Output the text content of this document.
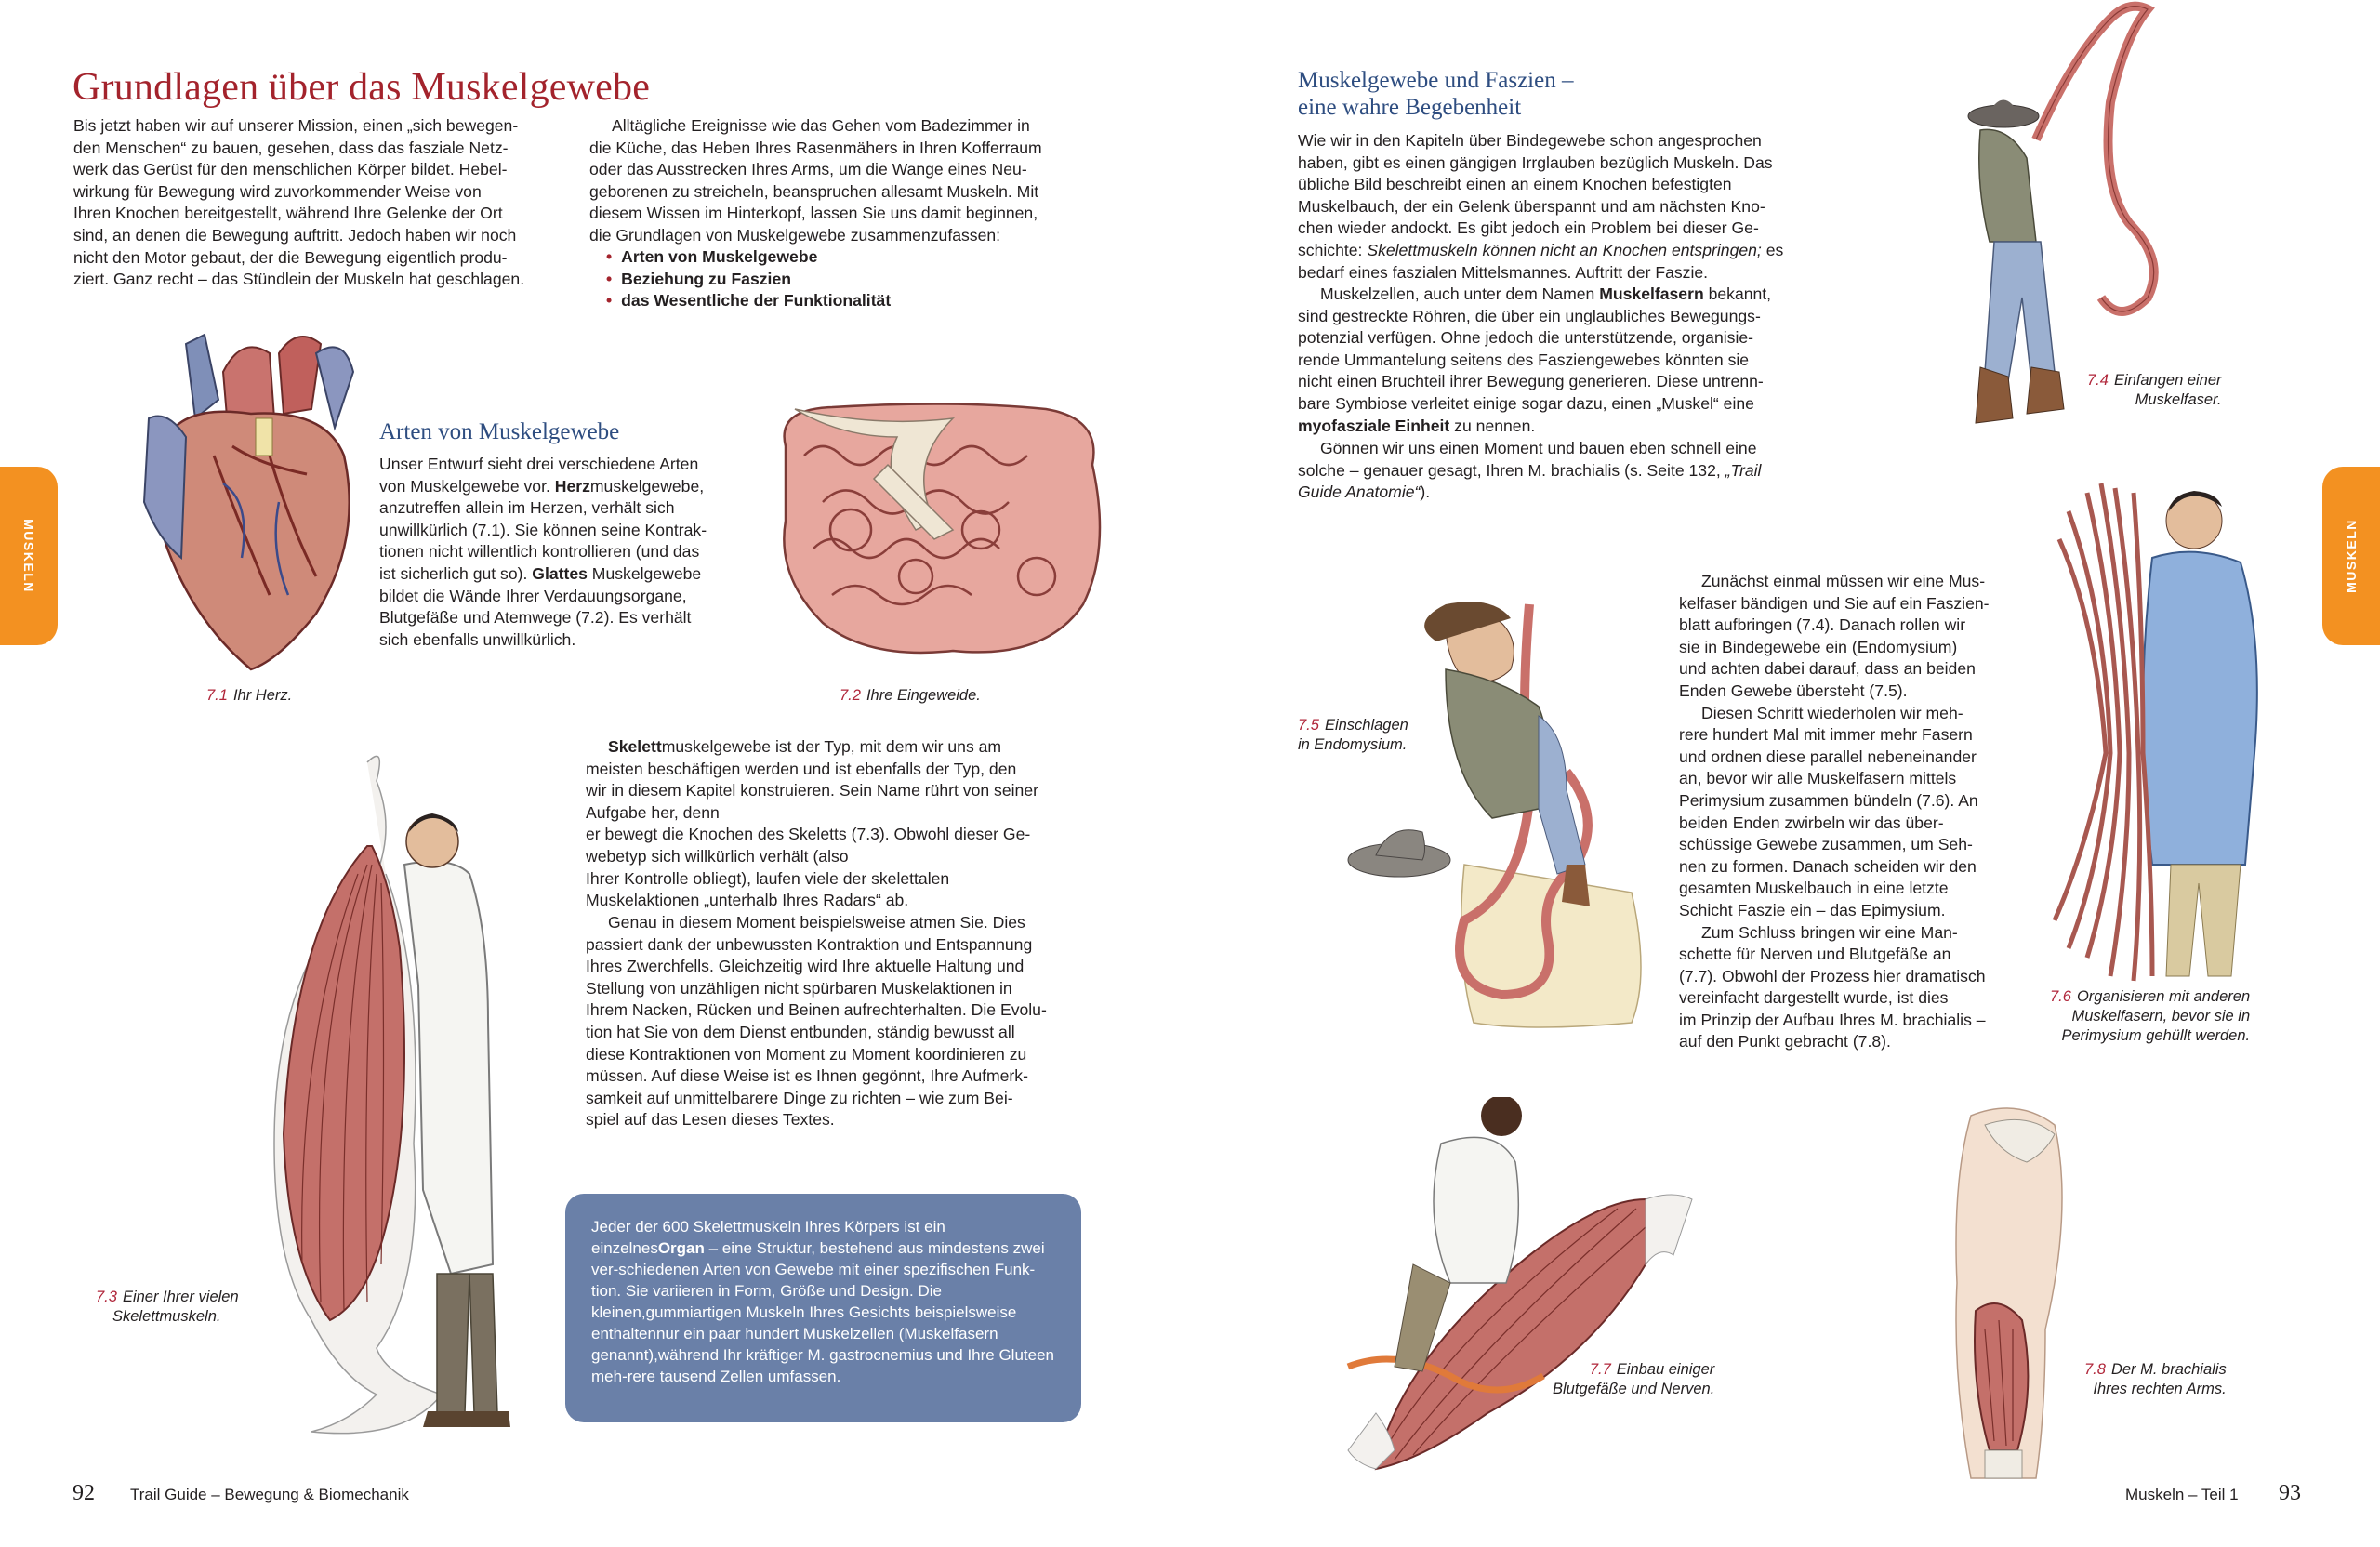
Grundlagen über das Muskelgewebe
Bis jetzt haben wir auf unserer Mission, einen „sich bewegen-
den Menschen“ zu bauen, gesehen, dass das fasziale Netz-
werk das Gerüst für den menschlichen Körper bildet. Hebel-
wirkung für Bewegung wird zuvorkommender Weise von
Ihren Knochen bereitgestellt, während Ihre Gelenke der Ort
sind, an denen die Bewegung auftritt. Jedoch haben wir noch
nicht den Motor gebaut, der die Bewegung eigentlich produ-
ziert. Ganz recht – das Stündlein der Muskeln hat geschlagen.
Alltägliche Ereignisse wie das Gehen vom Badezimmer in
die Küche, das Heben Ihres Rasenmähers in Ihren Kofferraum
oder das Ausstrecken Ihres Arms, um die Wange eines Neu-
geborenen zu streicheln, beanspruchen allesamt Muskeln. Mit
diesem Wissen im Hinterkopf, lassen Sie uns damit beginnen,
die Grundlagen von Muskelgewebe zusammenzufassen:
• Arten von Muskelgewebe
• Beziehung zu Faszien
• das Wesentliche der Funktionalität
Arten von Muskelgewebe
Unser Entwurf sieht drei verschiedene Arten
von Muskelgewebe vor. Herzmuskelgewebe,
anzutreffen allein im Herzen, verhält sich
unwillkürlich (7.1). Sie können seine Kontrak-
tionen nicht willentlich kontrollieren (und das
ist sicherlich gut so). Glattes Muskelgewebe
bildet die Wände Ihrer Verdauungsorgane,
Blutgefäße und Atemwege (7.2). Es verhält
sich ebenfalls unwillkürlich.
7.1 Ihr Herz.	7.2 Ihre Eingeweide.
7.3 Einer Ihrer vielen
Skelettmuskeln.
Skelettmuskelgewebe ist der Typ, mit dem wir uns am
meisten beschäftigen werden und ist ebenfalls der Typ, den
wir in diesem Kapitel konstruieren. Sein Name rührt von seiner
Aufgabe her, denn
er bewegt die Knochen des Skeletts (7.3). Obwohl dieser Ge-
webetyp sich willkürlich verhält (also
Ihrer Kontrolle obliegt), laufen viele der skelettalen
Muskelaktionen „unterhalb Ihres Radars“ ab.
Genau in diesem Moment beispielsweise atmen Sie. Dies
passiert dank der unbewussten Kontraktion und Entspannung
Ihres Zwerchfells. Gleichzeitig wird Ihre aktuelle Haltung und
Stellung von unzähligen nicht spürbaren Muskelaktionen in
Ihrem Nacken, Rücken und Beinen aufrechterhalten. Die Evolu-
tion hat Sie von dem Dienst entbunden, ständig bewusst all
diese Kontraktionen von Moment zu Moment koordinieren zu
müssen. Auf diese Weise ist es Ihnen gegönnt, Ihre Aufmerk-
samkeit auf unmittelbarere Dinge zu richten – wie zum Bei-
spiel auf das Lesen dieses Textes.
Jeder der 600 Skelettmuskeln Ihres Körpers ist ein einzelnesOrgan – eine Struktur, bestehend aus mindestens zwei ver-schiedenen Arten von Gewebe mit einer spezifischen Funk-tion. Sie variieren in Form, Größe und Design. Die kleinen,gummiartigen Muskeln Ihres Gesichts beispielsweise enthaltennur ein paar hundert Muskelzellen (Muskelfasern genannt),während Ihr kräftiger M. gastrocnemius und Ihre Gluteen meh-rere tausend Zellen umfassen.
92 Trail Guide – Bewegung & Biomechanik
MUSKELN
Muskelgewebe und Faszien –
eine wahre Begebenheit
Wie wir in den Kapiteln über Bindegewebe schon angesprochen
haben, gibt es einen gängigen Irrglauben bezüglich Muskeln. Das
übliche Bild beschreibt einen an einem Knochen befestigten
Muskelbauch, der ein Gelenk überspannt und am nächsten Kno-
chen wieder andockt. Es gibt jedoch ein Problem bei dieser Ge-
schichte: Skelettmuskeln können nicht an Knochen entspringen; es
bedarf eines faszialen Mittelsmannes. Auftritt der Faszie.
Muskelzellen, auch unter dem Namen Muskelfasern bekannt,
sind gestreckte Röhren, die über ein unglaubliches Bewegungs-
potenzial verfügen. Ohne jedoch die unterstützende, organisie-
rende Ummantelung seitens des Fasziengewebes könnten sie
nicht einen Bruchteil ihrer Bewegung generieren. Diese untrenn-
bare Symbiose verleitet einige sogar dazu, einen „Muskel“ eine
myofasziale Einheit zu nennen.
Gönnen wir uns einen Moment und bauen eben schnell eine
solche – genauer gesagt, Ihren M. brachialis (s. Seite 132, „Trail
Guide Anatomie“).
7.4 Einfangen einer
Muskelfaser.
7.5 Einschlagen
in Endomysium.
Zunächst einmal müssen wir eine Mus-
kelfaser bändigen und Sie auf ein Faszien-
blatt aufbringen (7.4). Danach rollen wir
sie in Bindegewebe ein (Endomysium)
und achten dabei darauf, dass an beiden
Enden Gewebe übersteht (7.5).
Diesen Schritt wiederholen wir meh-
rere hundert Mal mit immer mehr Fasern
und ordnen diese parallel nebeneinander
an, bevor wir alle Muskelfasern mittels
Perimysium zusammen bündeln (7.6). An
beiden Enden zwirbeln wir das über-
schüssige Gewebe zusammen, um Seh-
nen zu formen. Danach scheiden wir den
gesamten Muskelbauch in eine letzte
Schicht Faszie ein – das Epimysium.
Zum Schluss bringen wir eine Man-
schette für Nerven und Blutgefäße an
(7.7). Obwohl der Prozess hier dramatisch
vereinfacht dargestellt wurde, ist dies
im Prinzip der Aufbau Ihres M. brachialis –
auf den Punkt gebracht (7.8).
7.6 Organisieren mit anderen
Muskelfasern, bevor sie in
Perimysium gehüllt werden.
7.7 Einbau einiger
Blutgefäße und Nerven.
7.8 Der M. brachialis
Ihres rechten Arms.
Muskeln – Teil 1 93
MUSKELN
